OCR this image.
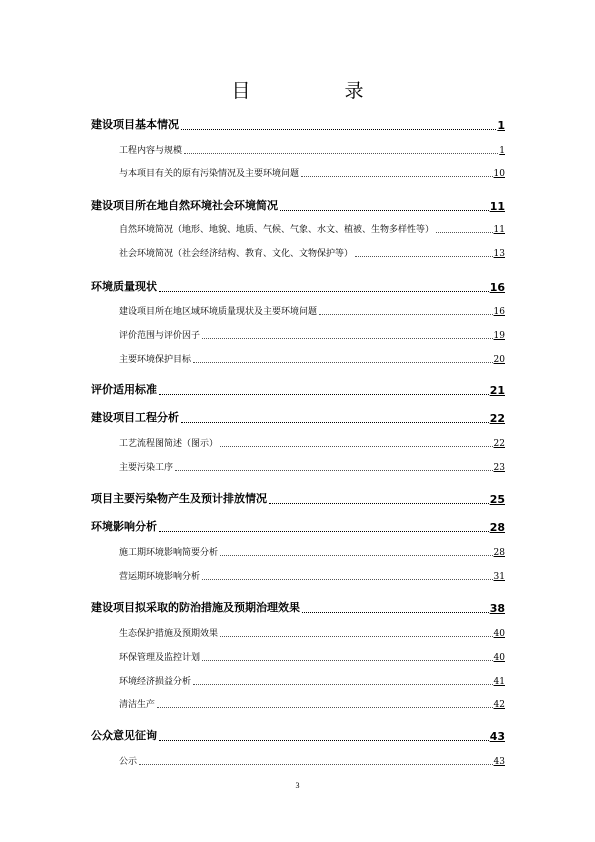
目 录
建设项目基本情况	1
工程内容与规模	1
与本项目有关的原有污染情况及主要环境问题	10
建设项目所在地自然环境社会环境简况	11
自然环境简况（地形、地貌、地质、气候、气象、水文、植被、生物多样性等）	11
社会环境简况（社会经济结构、教育、文化、文物保护等）	13
环境质量现状	16
建设项目所在地区域环境质量现状及主要环境问题	16
评价范围与评价因子	19
主要环境保护目标	20
评价适用标准	21
建设项目工程分析	22
工艺流程图简述（图示）	22
主要污染工序	23
项目主要污染物产生及预计排放情况	25
环境影响分析	28
施工期环境影响简要分析	28
营运期环境影响分析	31
建设项目拟采取的防治措施及预期治理效果	38
生态保护措施及预期效果	40
环保管理及监控计划	40
环境经济损益分析	41
清洁生产	42
公众意见征询	43
公示	43
3
